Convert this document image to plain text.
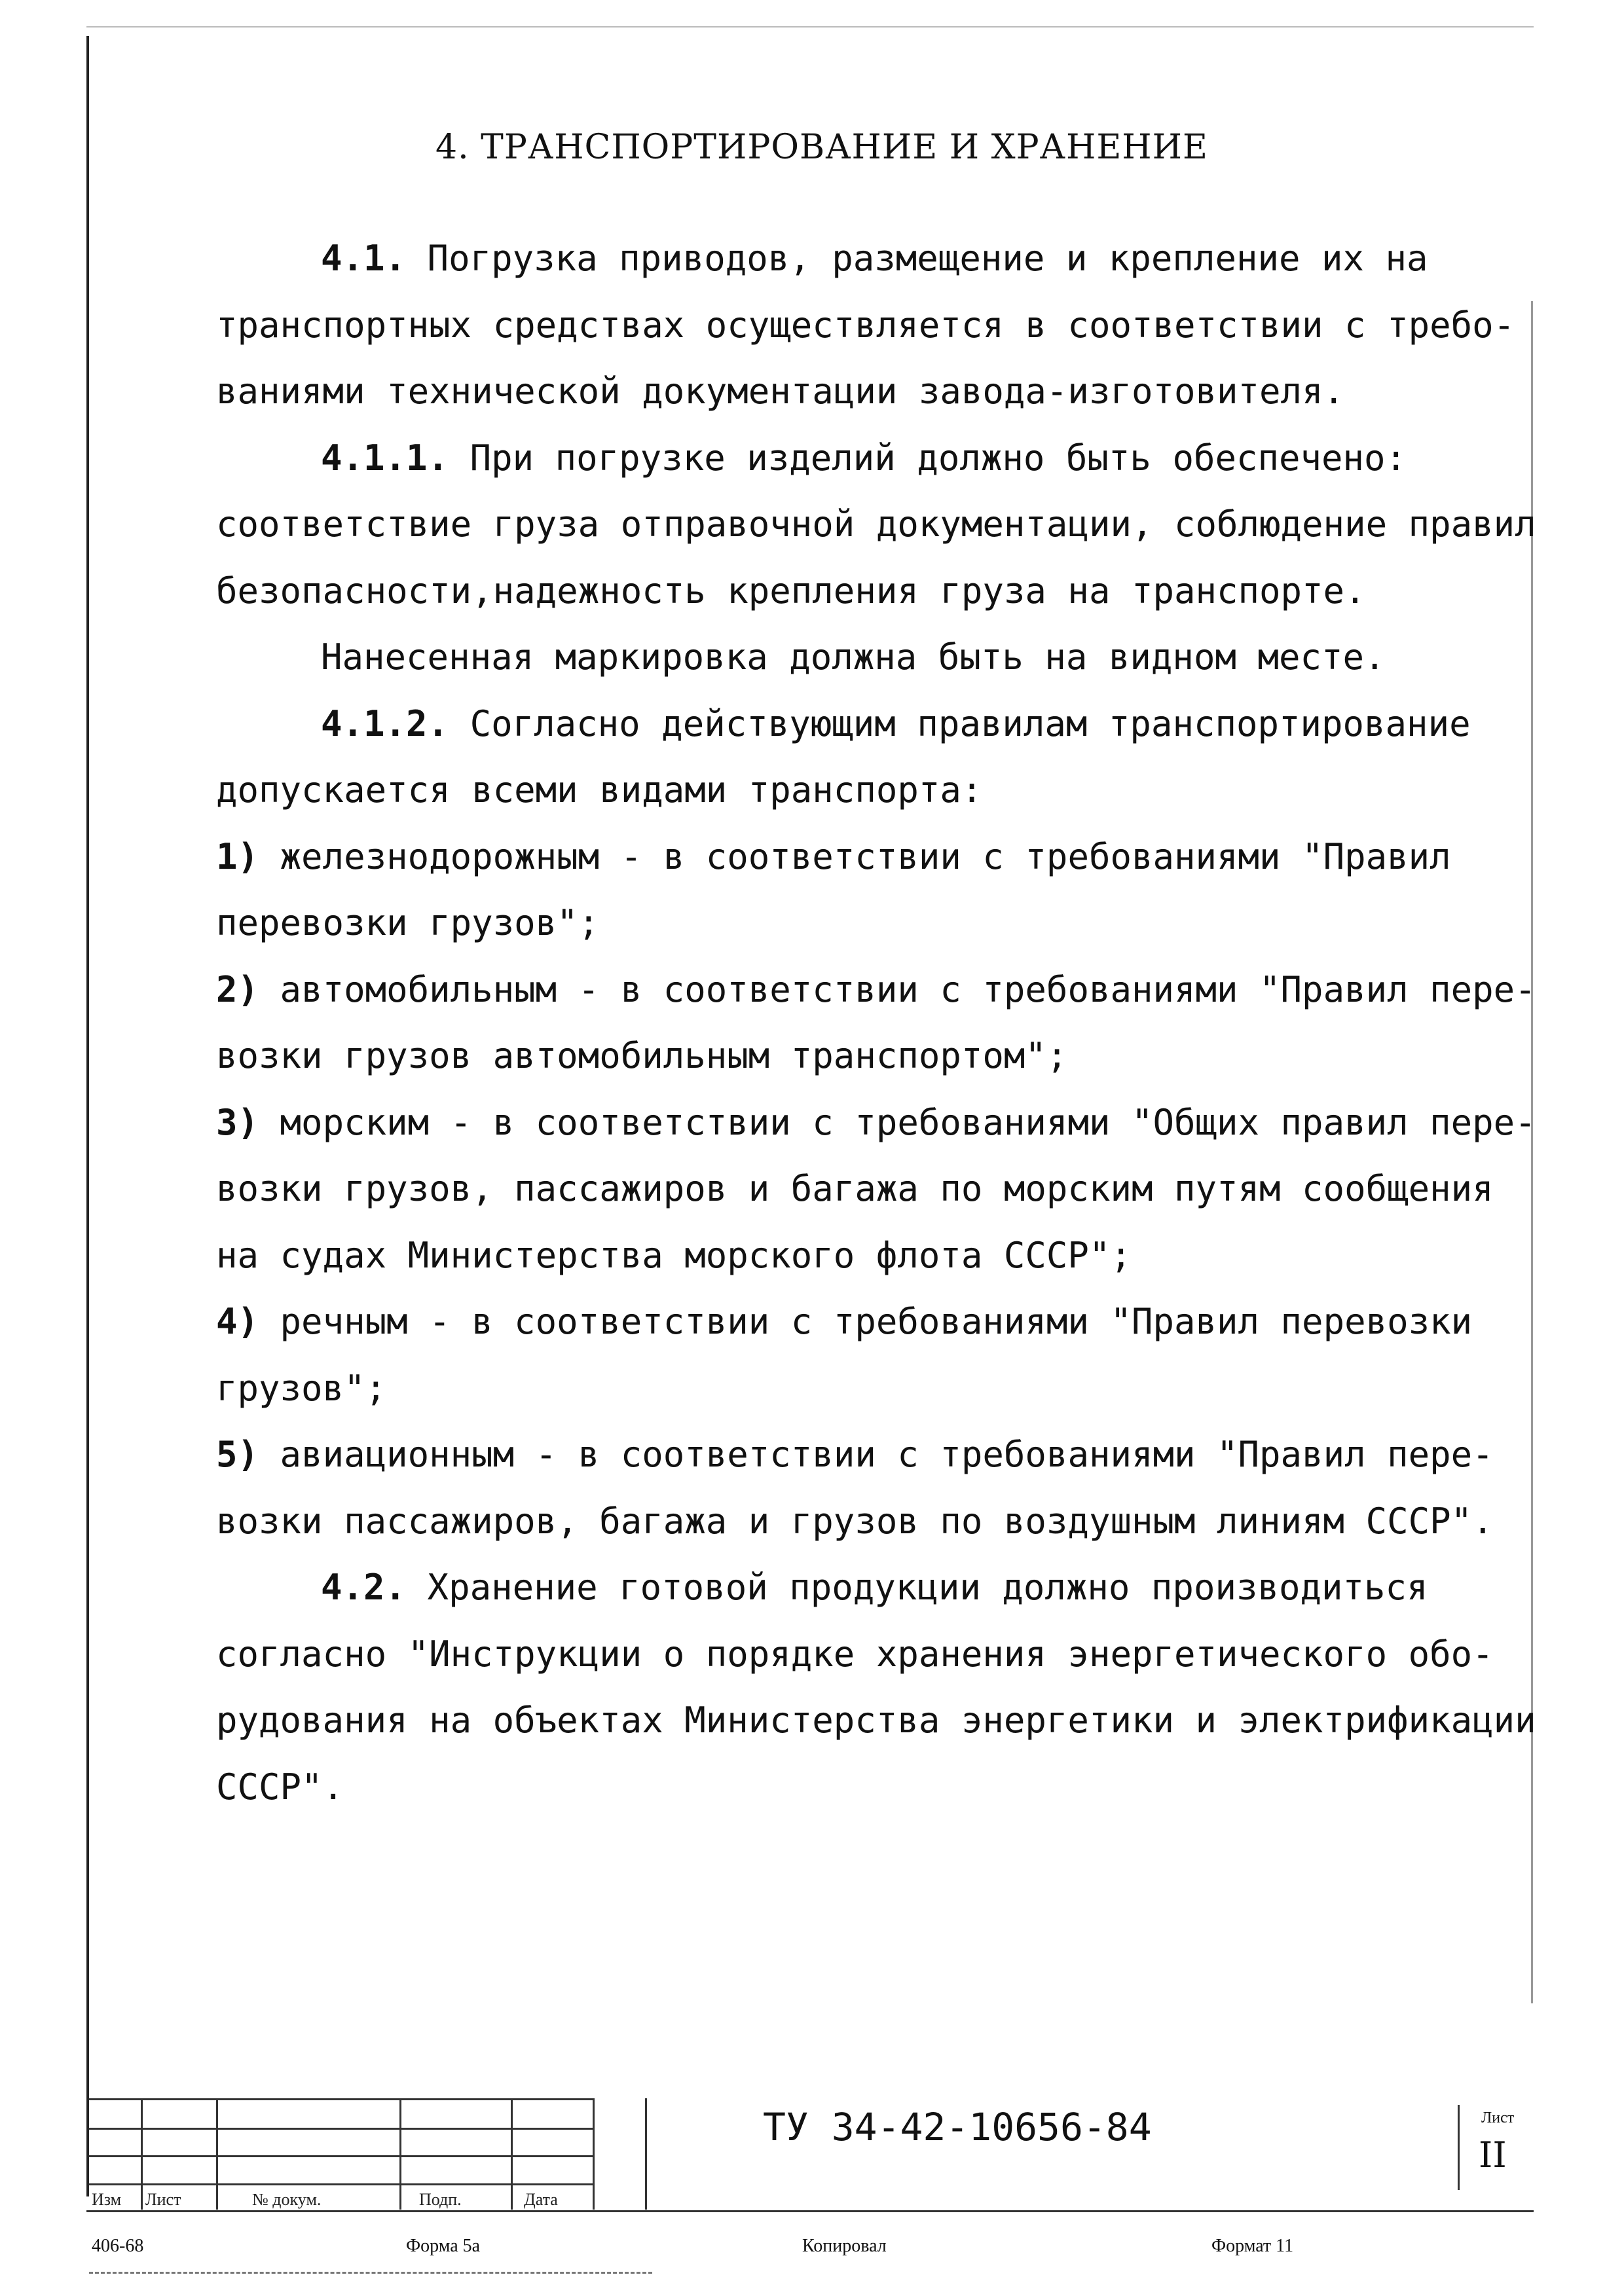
4. ТРАНСПОРТИРОВАНИЕ И ХРАНЕНИЕ
4.1. Погрузка приводов, размещение и крепление их на
транспортных средствах осуществляется в соответствии с требо-
ваниями технической документации завода-изготовителя.
4.1.1. При погрузке изделий должно быть обеспечено:
соответствие груза отправочной документации, соблюдение правил
безопасности,надежность крепления груза на транспорте.
Нанесенная маркировка должна быть на видном месте.
4.1.2. Согласно действующим правилам транспортирование
допускается всеми видами транспорта:
1) железнодорожным - в соответствии с требованиями "Правил
перевозки грузов";
2) автомобильным - в соответствии с требованиями "Правил пере-
возки грузов автомобильным транспортом";
3) морским - в соответствии с требованиями "Общих правил пере-
возки грузов, пассажиров и багажа по морским путям сообщения
на судах Министерства морского флота СССР";
4) речным - в соответствии с требованиями "Правил перевозки
грузов";
5) авиационным - в соответствии с требованиями "Правил пере-
возки пассажиров, багажа и грузов по воздушным линиям СССР".
4.2. Хранение готовой продукции должно производиться
согласно "Инструкции о порядке хранения энергетического обо-
рудования на объектах Министерства энергетики и электрификации
СССР".
Изм Лист	№ докум.	Подп.	Дата
ТУ 34-42-10656-84	Лист
II
406-68	Форма 5а	Копировал	Формат 11
